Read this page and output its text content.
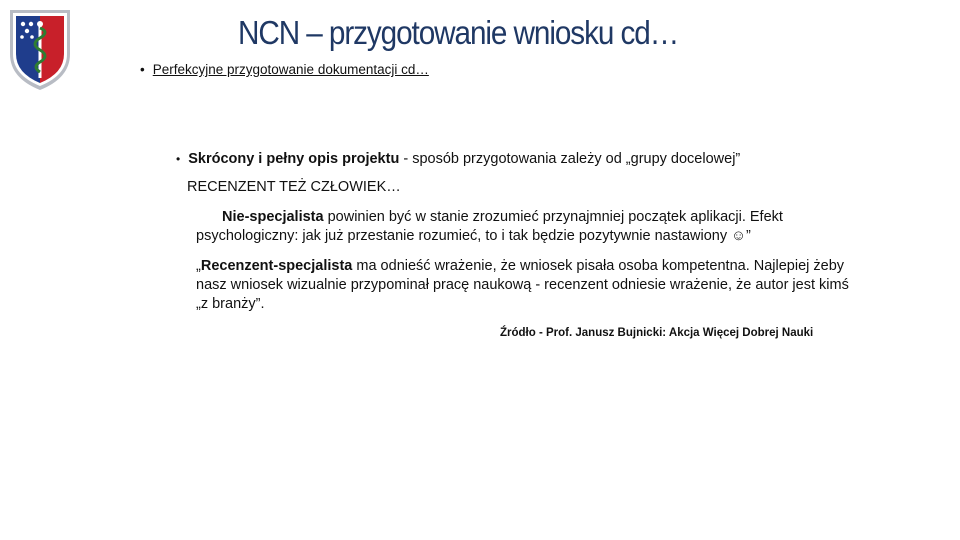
NCN – przygotowanie wniosku cd…
• Perfekcyjne przygotowanie dokumentacji cd…
• Skrócony i pełny opis projektu - sposób przygotowania zależy od „grupy docelowej”
RECENZENT TEŻ CZŁOWIEK…
Nie-specjalista powinien być w stanie zrozumieć przynajmniej początek aplikacji. Efekt
psychologiczny: jak już przestanie rozumieć, to i tak będzie pozytywnie nastawiony ☺”
„Recenzent-specjalista ma odnieść wrażenie, że wniosek pisała osoba kompetentna. Najlepiej żeby
nasz wniosek wizualnie przypominał pracę naukową - recenzent odniesie wrażenie, że autor jest kimś
„z branży”.
Źródło - Prof. Janusz Bujnicki: Akcja Więcej Dobrej Nauki
